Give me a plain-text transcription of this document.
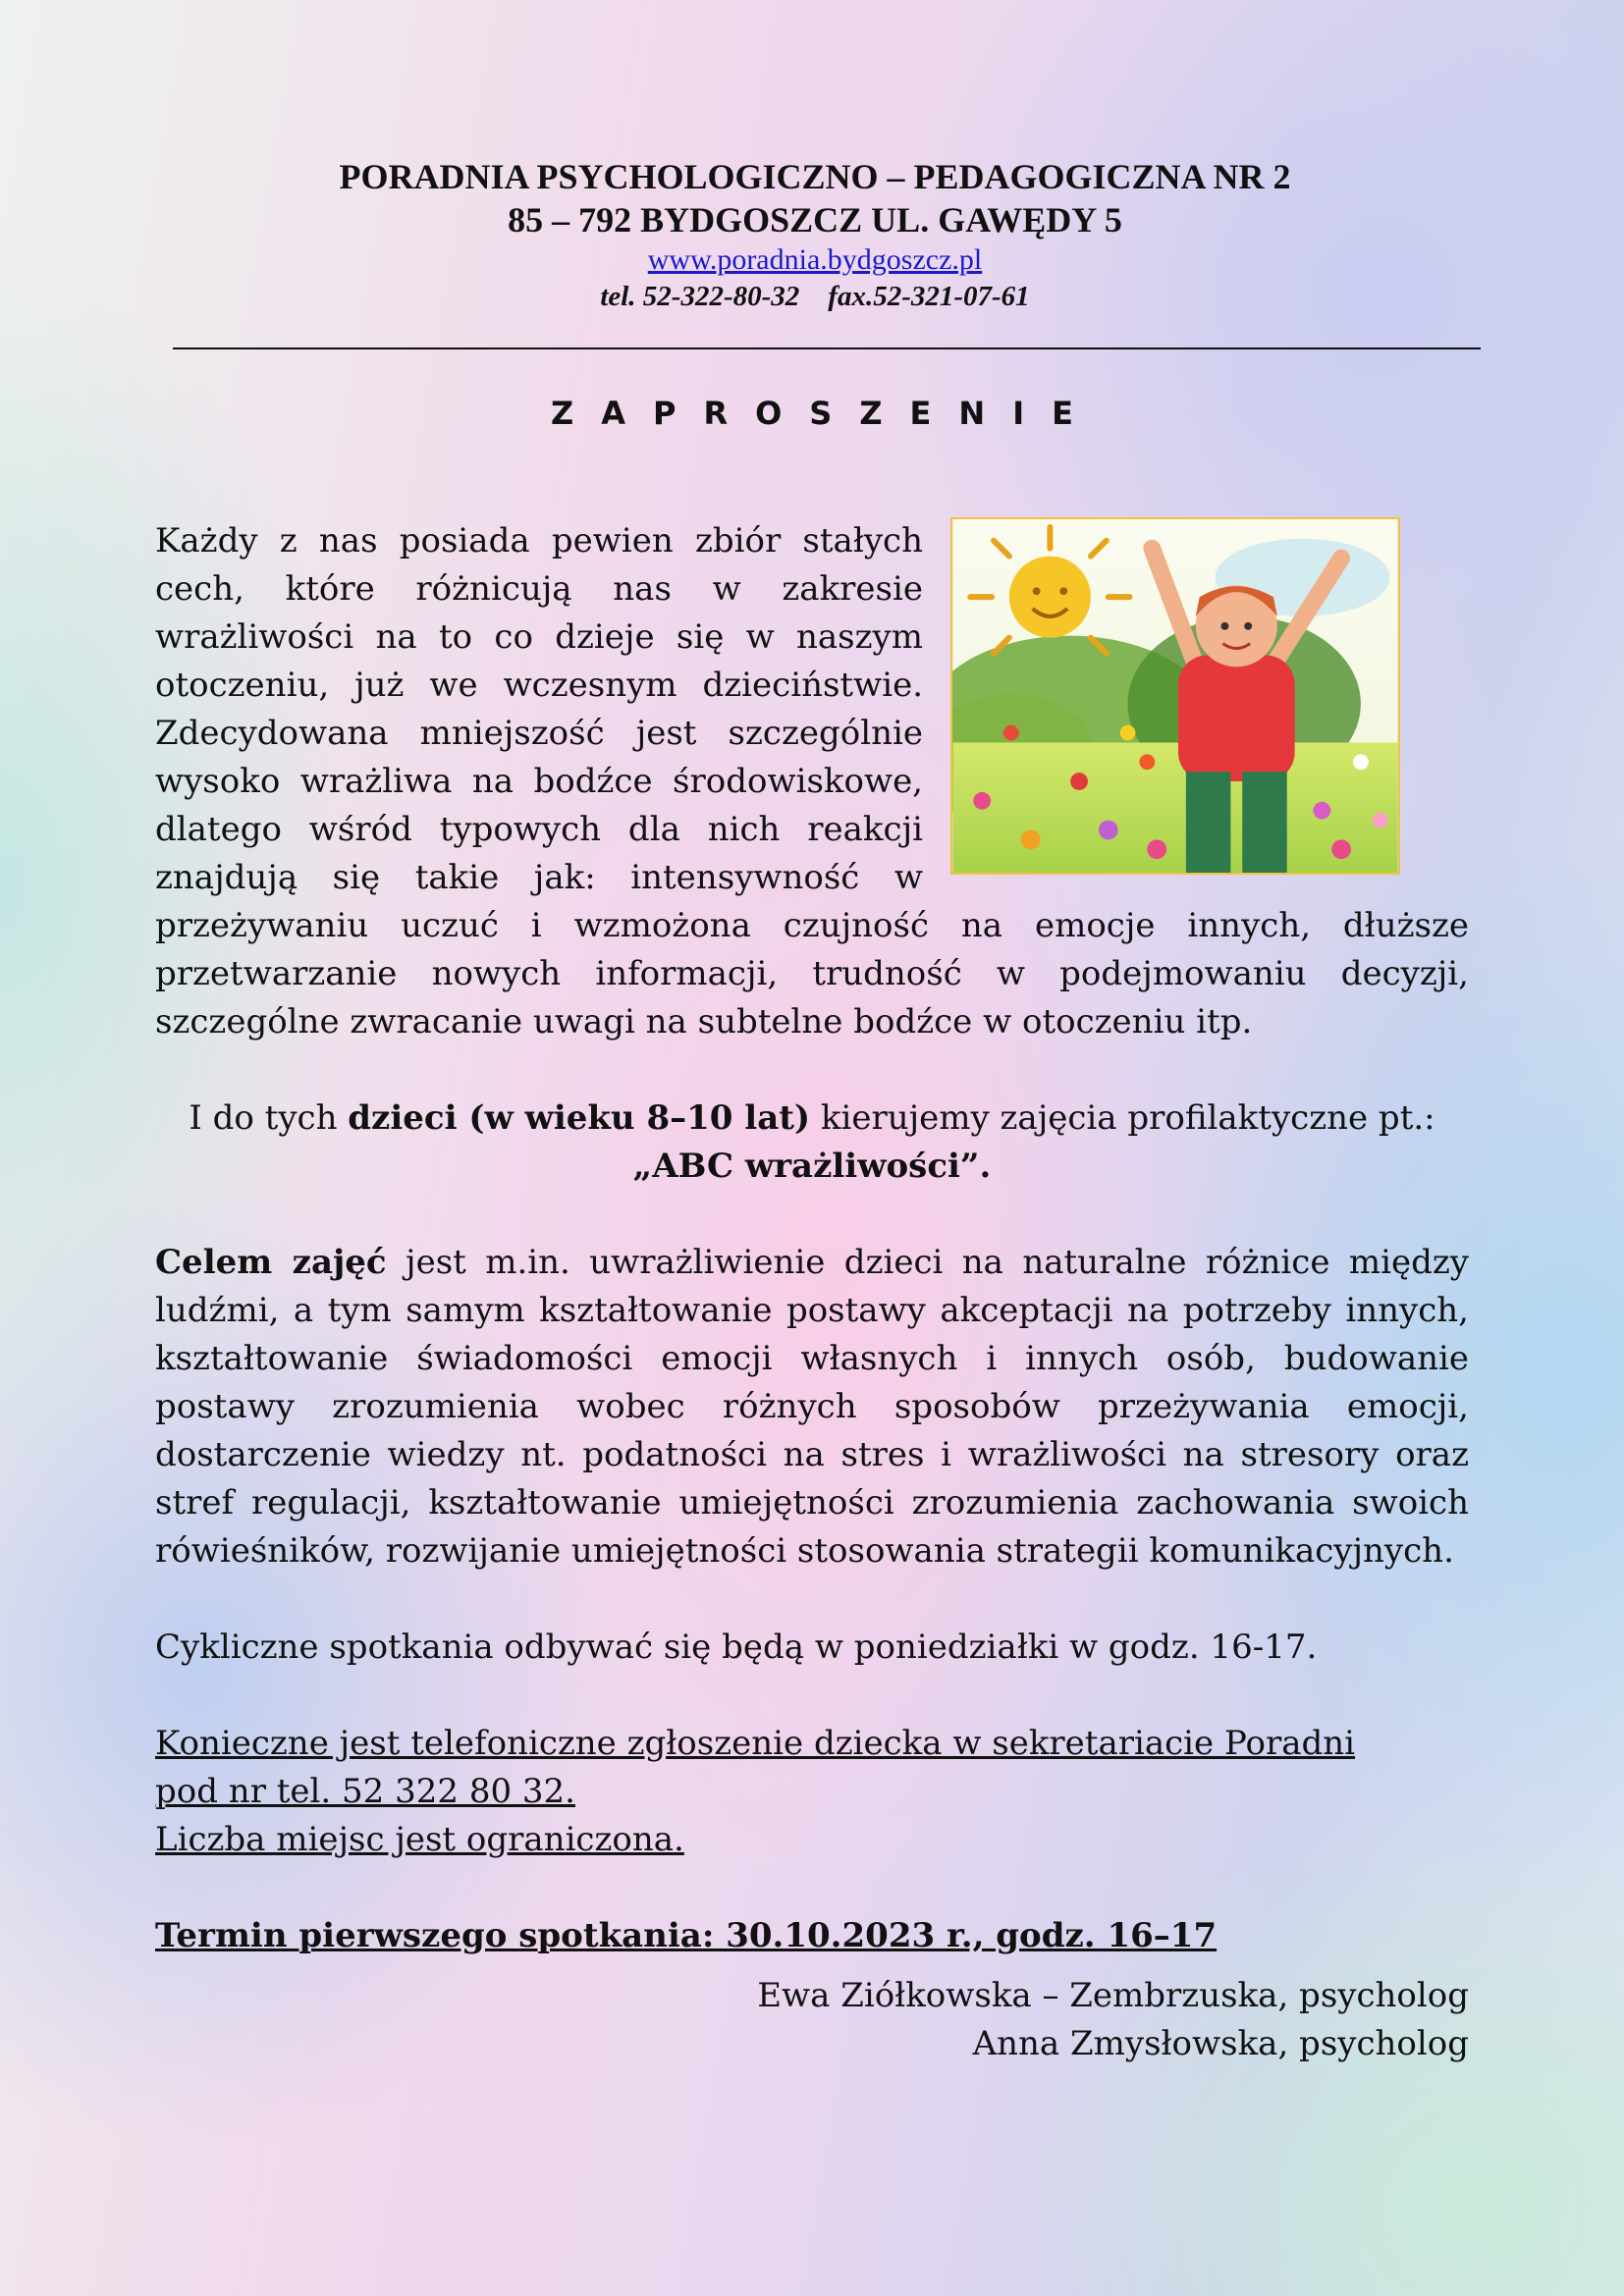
PORADNIA PSYCHOLOGICZNO – PEDAGOGICZNA NR 2
85 – 792 BYDGOSZCZ UL. GAWĘDY 5
www.poradnia.bydgoszcz.pl
tel. 52-322-80-32 fax.52-321-07-61
ZAPROSZENIE

Każdy z nas posiada pewien zbiór stałych cech, które różnicują nas w zakresie wrażliwości na to co dzieje się w naszym otoczeniu, już we wczesnym dzieciństwie. Zdecydowana mniejszość jest szczególnie wysoko wrażliwa na bodźce środowiskowe, dlatego wśród typowych dla nich reakcji znajdują się takie jak: intensywność w przeżywaniu uczuć i wzmożona czujność na emocje innych, dłuższe przetwarzanie nowych informacji, trudność w podejmowaniu decyzji, szczególne zwracanie uwagi na subtelne bodźce w otoczeniu itp.

I do tych dzieci (w wieku 8–10 lat) kierujemy zajęcia profilaktyczne pt.: „ABC wrażliwości”.

Celem zajęć jest m.in. uwrażliwienie dzieci na naturalne różnice między ludźmi, a tym samym kształtowanie postawy akceptacji na potrzeby innych, kształtowanie świadomości emocji własnych i innych osób, budowanie postawy zrozumienia wobec różnych sposobów przeżywania emocji, dostarczenie wiedzy nt. podatności na stres i wrażliwości na stresory oraz stref regulacji, kształtowanie umiejętności zrozumienia zachowania swoich rówieśników, rozwijanie umiejętności stosowania strategii komunikacyjnych.

Cykliczne spotkania odbywać się będą w poniedziałki w godz. 16-17.

Konieczne jest telefoniczne zgłoszenie dziecka w sekretariacie Poradni

pod nr tel. 52 322 80 32.

Liczba miejsc jest ograniczona.

Termin pierwszego spotkania: 30.10.2023 r., godz. 16–17

Ewa Ziółkowska – Zembrzuska, psycholog

Anna Zmysłowska, psycholog
